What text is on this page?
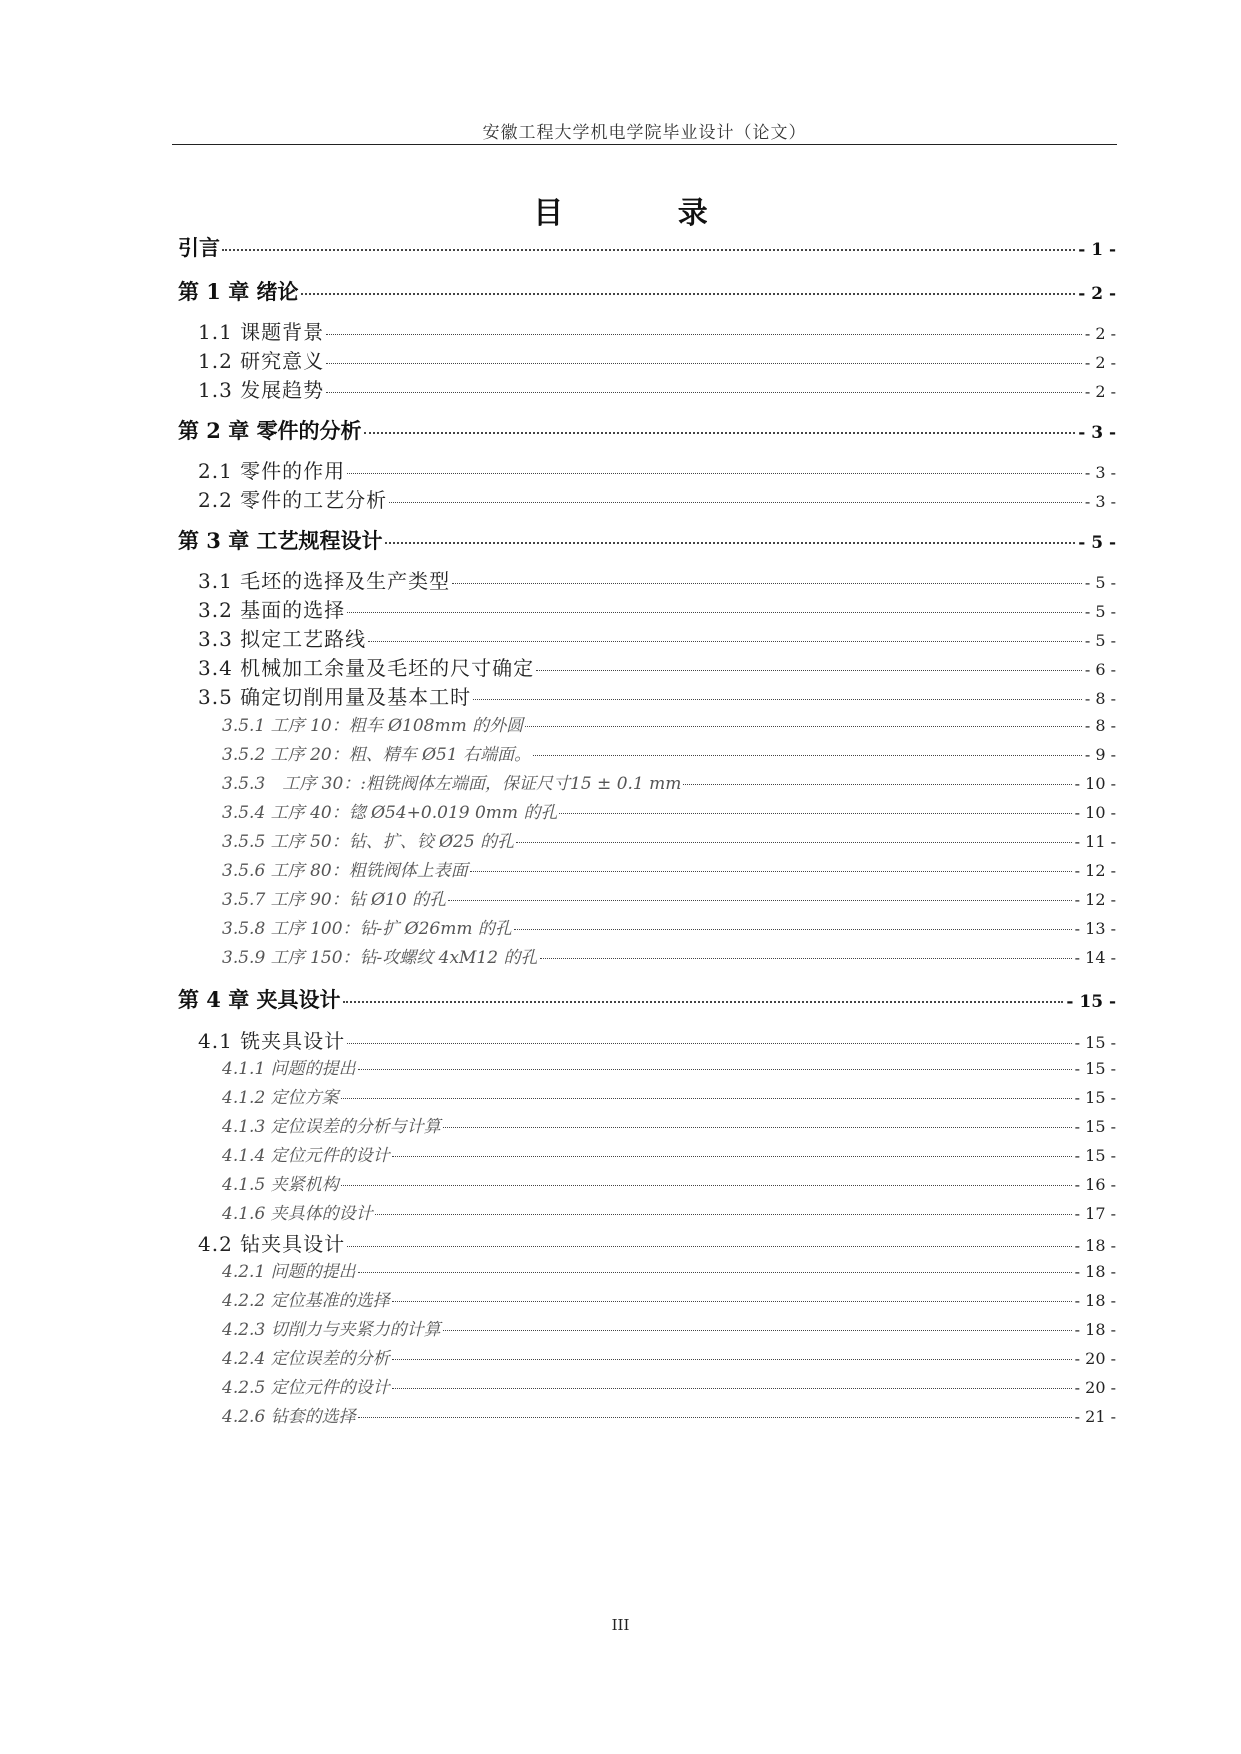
安徽工程大学机电学院毕业设计（论文）
目 录
引言	- 1 -
第 1 章 绪论	- 2 -
1.1 课题背景	- 2 -
1.2 研究意义	- 2 -
1.3 发展趋势	- 2 -
第 2 章 零件的分析	- 3 -
2.1 零件的作用	- 3 -
2.2 零件的工艺分析	- 3 -
第 3 章 工艺规程设计	- 5 -
3.1 毛坯的选择及生产类型	- 5 -
3.2 基面的选择	- 5 -
3.3 拟定工艺路线	- 5 -
3.4 机械加工余量及毛坯的尺寸确定	- 6 -
3.5 确定切削用量及基本工时	- 8 -
3.5.1 工序 10：粗车 Ø108mm 的外圆	- 8 -
3.5.2 工序 20：粗、精车 Ø51 右端面。	- 9 -
3.5.3　工序 30：:粗铣阀体左端面，保证尺寸15 ± 0.1 mm	- 10 -
3.5.4 工序 40：锪 Ø54+0.019 0mm 的孔	- 10 -
3.5.5 工序 50：钻、扩、铰 Ø25 的孔	- 11 -
3.5.6 工序 80：粗铣阀体上表面	- 12 -
3.5.7 工序 90：钻 Ø10 的孔	- 12 -
3.5.8 工序 100：钻-扩 Ø26mm 的孔	- 13 -
3.5.9 工序 150：钻-攻螺纹 4xM12 的孔	- 14 -
第 4 章 夹具设计	- 15 -
4.1 铣夹具设计	- 15 -
4.1.1 问题的提出	- 15 -
4.1.2 定位方案	- 15 -
4.1.3 定位误差的分析与计算	- 15 -
4.1.4 定位元件的设计	- 15 -
4.1.5 夹紧机构	- 16 -
4.1.6 夹具体的设计	- 17 -
4.2 钻夹具设计	- 18 -
4.2.1 问题的提出	- 18 -
4.2.2 定位基准的选择	- 18 -
4.2.3 切削力与夹紧力的计算	- 18 -
4.2.4 定位误差的分析	- 20 -
4.2.5 定位元件的设计	- 20 -
4.2.6 钻套的选择	- 21 -
III
